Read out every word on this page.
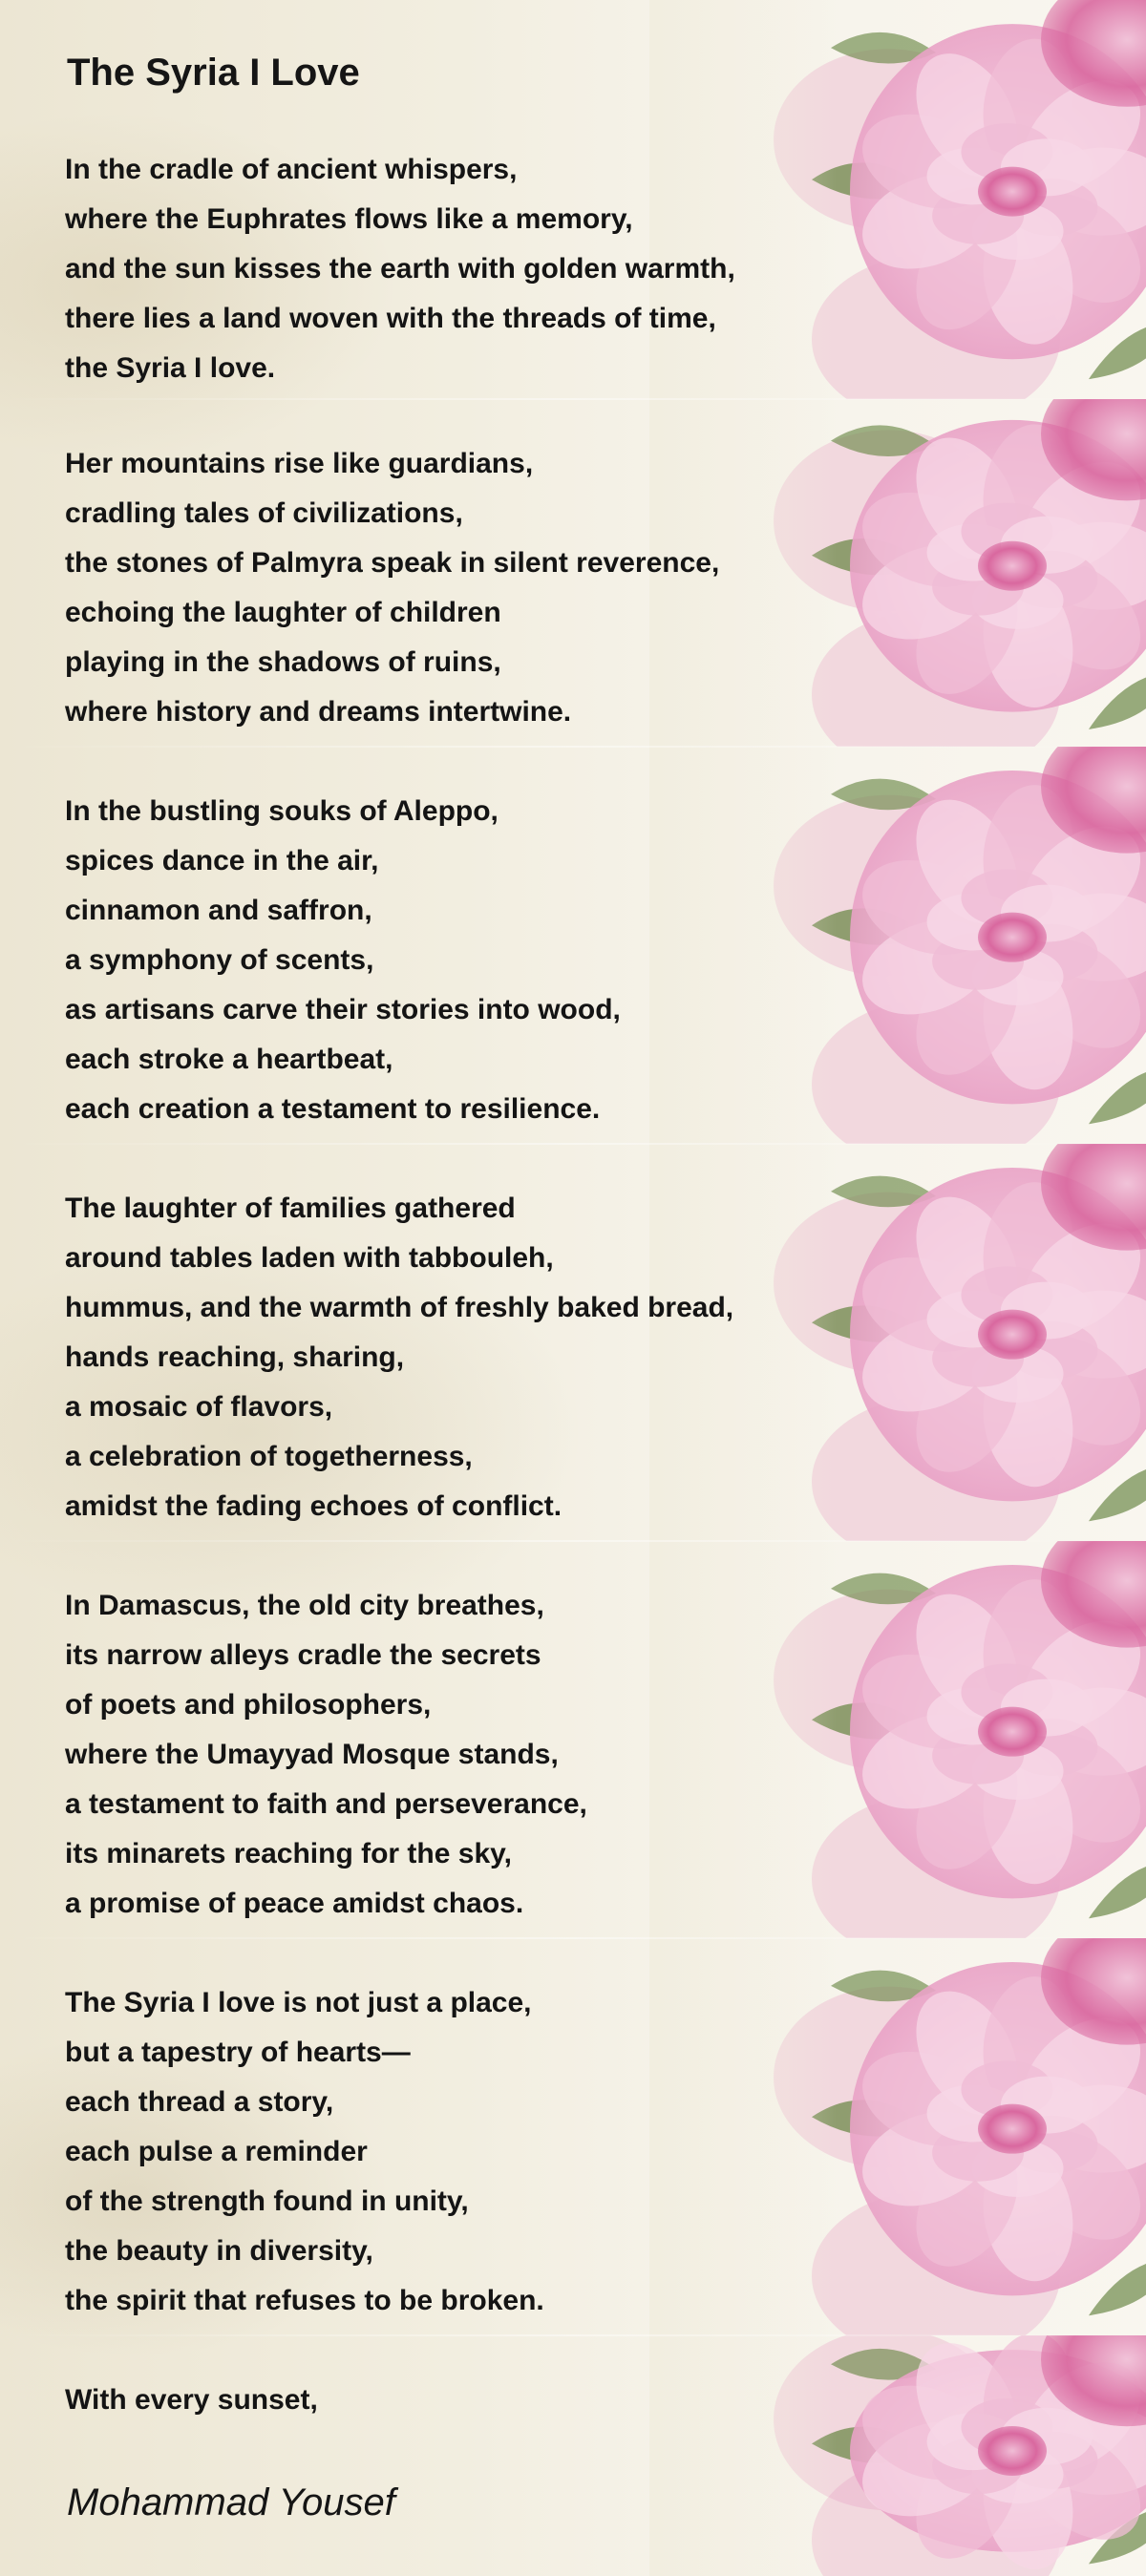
The Syria I Love
In the cradle of ancient whispers,
where the Euphrates flows like a memory,
and the sun kisses the earth with golden warmth,
there lies a land woven with the threads of time,
the Syria I love.
Her mountains rise like guardians,
cradling tales of civilizations,
the stones of Palmyra speak in silent reverence,
echoing the laughter of children
playing in the shadows of ruins,
where history and dreams intertwine.
In the bustling souks of Aleppo,
spices dance in the air,
cinnamon and saffron,
a symphony of scents,
as artisans carve their stories into wood,
each stroke a heartbeat,
each creation a testament to resilience.
The laughter of families gathered
around tables laden with tabbouleh,
hummus, and the warmth of freshly baked bread,
hands reaching, sharing,
a mosaic of flavors,
a celebration of togetherness,
amidst the fading echoes of conflict.
In Damascus, the old city breathes,
its narrow alleys cradle the secrets
of poets and philosophers,
where the Umayyad Mosque stands,
a testament to faith and perseverance,
its minarets reaching for the sky,
a promise of peace amidst chaos.
The Syria I love is not just a place,
but a tapestry of hearts—
each thread a story,
each pulse a reminder
of the strength found in unity,
the beauty in diversity,
the spirit that refuses to be broken.
With every sunset,
Mohammad Yousef
